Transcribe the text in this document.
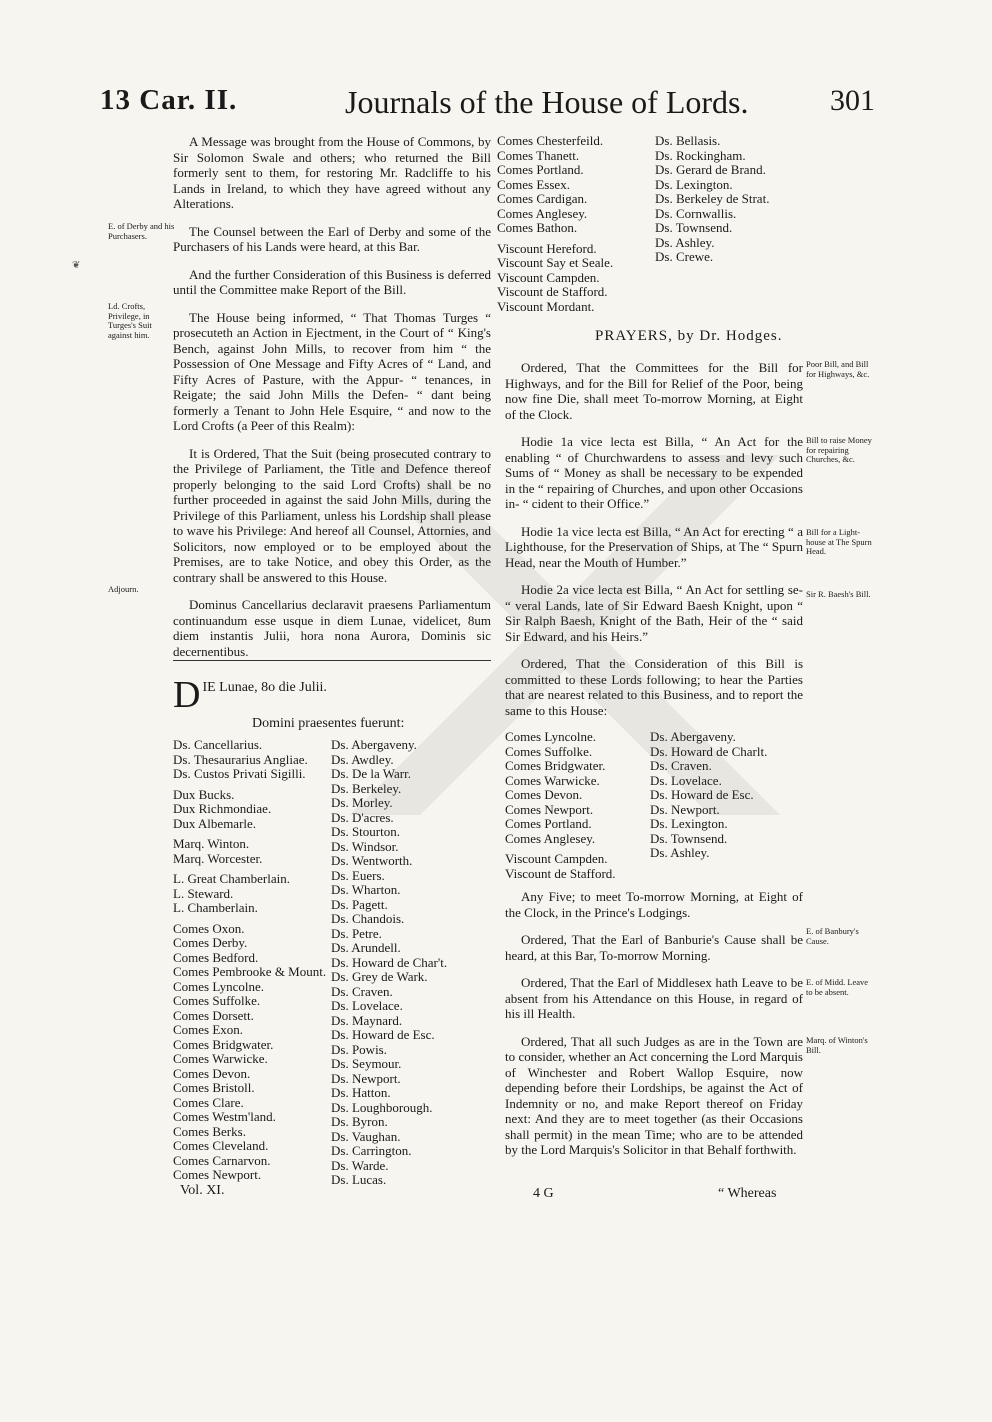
13 Car. II.	Journals of the House of Lords.	301
❦

A Message was brought from the House of Commons, by Sir Solomon Swale and others; who returned the Bill formerly sent to them, for restoring Mr. Radcliffe to his Lands in Ireland, to which they have agreed without any Alterations.

The Counsel between the Earl of Derby and some of the Purchasers of his Lands were heard, at this Bar.

And the further Consideration of this Business is deferred until the Committee make Report of the Bill.

The House being informed, “ That Thomas Turges “ prosecuteth an Action in Ejectment, in the Court of “ King's Bench, against John Mills, to recover from him “ the Possession of One Message and Fifty Acres of “ Land, and Fifty Acres of Pasture, with the Appur- “ tenances, in Reigate; the said John Mills the Defen- “ dant being formerly a Tenant to John Hele Esquire, “ and now to the Lord Crofts (a Peer of this Realm):

It is Ordered, That the Suit (being prosecuted contrary to the Privilege of Parliament, the Title and Defence thereof properly belonging to the said Lord Crofts) shall be no further proceeded in against the said John Mills, during the Privilege of this Parliament, unless his Lordship shall please to wave his Privilege: And hereof all Counsel, Attornies, and Solicitors, now employed or to be employed about the Premises, are to take Notice, and obey this Order, as the contrary shall be answered to this House.

Dominus Cancellarius declaravit praesens Parliamentum continuandum esse usque in diem Lunae, videlicet, 8um diem instantis Julii, hora nona Aurora, Dominis sic decernentibus.

E. of Derby and his Purchasers.
Ld. Crofts, Privilege, in Turges's Suit against him.
Adjourn.
DIE Lunae, 8o die Julii.
Domini praesentes fuerunt:
Ds. Cancellarius.
Ds. Thesaurarius Angliae.
Ds. Custos Privati Sigilli.
Dux Bucks.
Dux Richmondiae.
Dux Albemarle.
Marq. Winton.
Marq. Worcester.
L. Great Chamberlain.
L. Steward.
L. Chamberlain.
Comes Oxon.
Comes Derby.
Comes Bedford.
Comes Pembrooke & Mount.
Comes Lyncolne.
Comes Suffolke.
Comes Dorsett.
Comes Exon.
Comes Bridgwater.
Comes Warwicke.
Comes Devon.
Comes Bristoll.
Comes Clare.
Comes Westm'land.
Comes Berks.
Comes Cleveland.
Comes Carnarvon.
Comes Newport.
Ds. Abergaveny.
Ds. Awdley.
Ds. De la Warr.
Ds. Berkeley.
Ds. Morley.
Ds. D'acres.
Ds. Stourton.
Ds. Windsor.
Ds. Wentworth.
Ds. Euers.
Ds. Wharton.
Ds. Pagett.
Ds. Chandois.
Ds. Petre.
Ds. Arundell.
Ds. Howard de Char't.
Ds. Grey de Wark.
Ds. Craven.
Ds. Lovelace.
Ds. Maynard.
Ds. Howard de Esc.
Ds. Powis.
Ds. Seymour.
Ds. Newport.
Ds. Hatton.
Ds. Loughborough.
Ds. Byron.
Ds. Vaughan.
Ds. Carrington.
Ds. Warde.
Ds. Lucas.
Vol. XI.
Comes Chesterfeild.
Comes Thanett.
Comes Portland.
Comes Essex.
Comes Cardigan.
Comes Anglesey.
Comes Bathon.
Viscount Hereford.
Viscount Say et Seale.
Viscount Campden.
Viscount de Stafford.
Viscount Mordant.
Ds. Bellasis.
Ds. Rockingham.
Ds. Gerard de Brand.
Ds. Lexington.
Ds. Berkeley de Strat.
Ds. Cornwallis.
Ds. Townsend.
Ds. Ashley.
Ds. Crewe.
PRAYERS, by Dr. Hodges.

Ordered, That the Committees for the Bill for Highways, and for the Bill for Relief of the Poor, being now fine Die, shall meet To-morrow Morning, at Eight of the Clock.

Hodie 1a vice lecta est Billa, “ An Act for the enabling “ of Churchwardens to assess and levy such Sums of “ Money as shall be necessary to be expended in the “ repairing of Churches, and upon other Occasions in- “ cident to their Office.”

Hodie 1a vice lecta est Billa, “ An Act for erecting “ a Lighthouse, for the Preservation of Ships, at The “ Spurn Head, near the Mouth of Humber.”

Hodie 2a vice lecta est Billa, “ An Act for settling se- “ veral Lands, late of Sir Edward Baesh Knight, upon “ Sir Ralph Baesh, Knight of the Bath, Heir of the “ said Sir Edward, and his Heirs.”

Ordered, That the Consideration of this Bill is committed to these Lords following; to hear the Parties that are nearest related to this Business, and to report the same to this House:

Comes Lyncolne.
Comes Suffolke.
Comes Bridgwater.
Comes Warwicke.
Comes Devon.
Comes Newport.
Comes Portland.
Comes Anglesey.
Viscount Campden.
Viscount de Stafford.
Ds. Abergaveny.
Ds. Howard de Charlt.
Ds. Craven.
Ds. Lovelace.
Ds. Howard de Esc.
Ds. Newport.
Ds. Lexington.
Ds. Townsend.
Ds. Ashley.

Any Five; to meet To-morrow Morning, at Eight of the Clock, in the Prince's Lodgings.

Ordered, That the Earl of Banburie's Cause shall be heard, at this Bar, To-morrow Morning.

Ordered, That the Earl of Middlesex hath Leave to be absent from his Attendance on this House, in regard of his ill Health.

Ordered, That all such Judges as are in the Town are to consider, whether an Act concerning the Lord Marquis of Winchester and Robert Wallop Esquire, now depending before their Lordships, be against the Act of Indemnity or no, and make Report thereof on Friday next: And they are to meet together (as their Occasions shall permit) in the mean Time; who are to be attended by the Lord Marquis's Solicitor in that Behalf forthwith.

Poor Bill, and Bill for Highways, &c.
Bill to raise Money for repairing Churches, &c.
Bill for a Light-house at The Spurn Head.
Sir R. Baesh's Bill.
E. of Banbury's Cause.
E. of Midd. Leave to be absent.
Marq. of Winton's Bill.
4 G	“ Whereas
